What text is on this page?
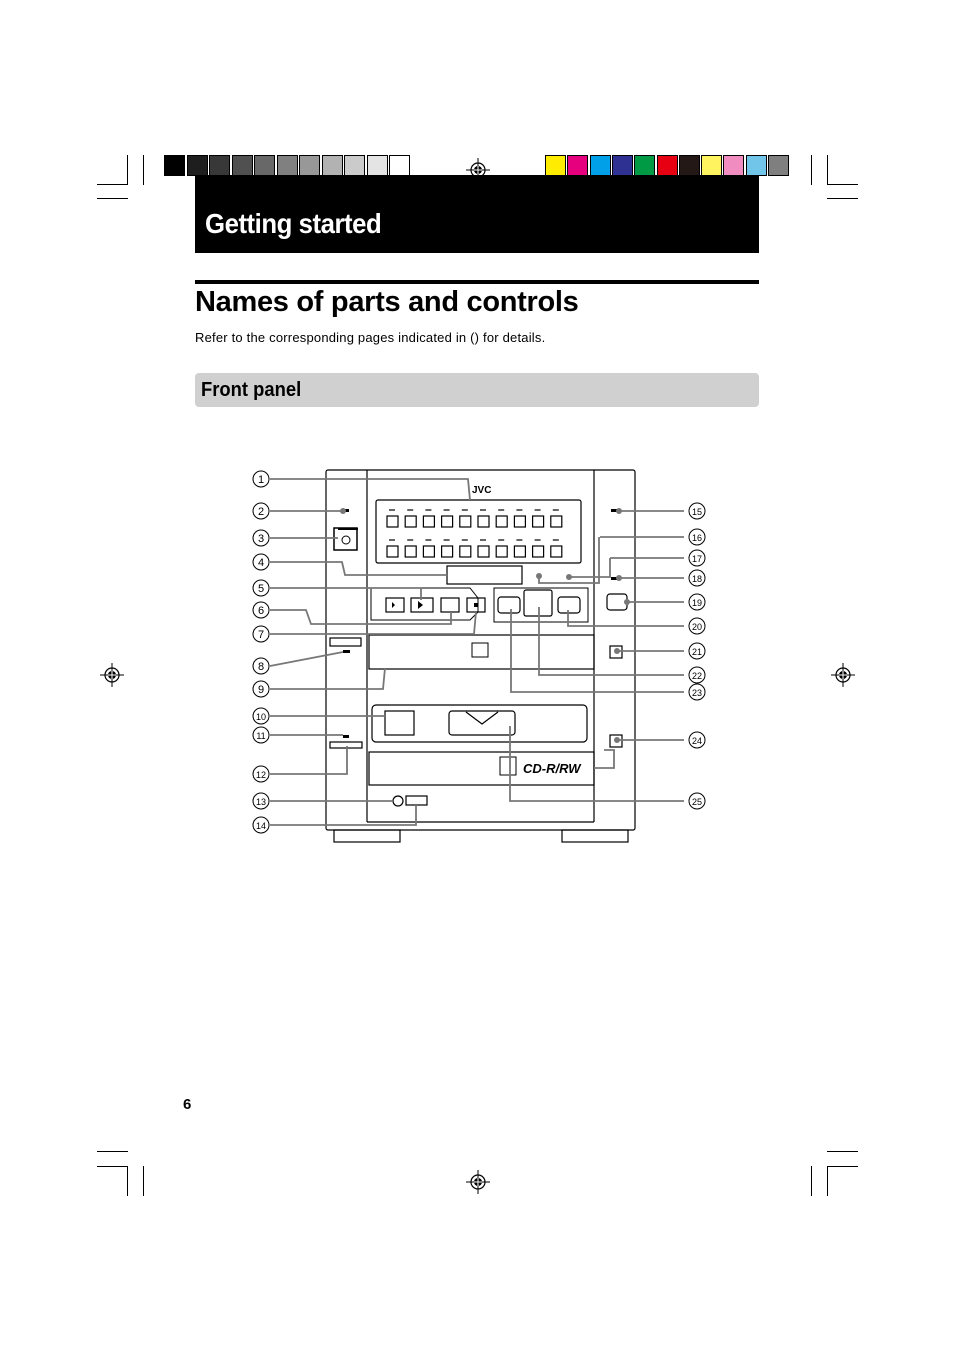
Getting started
Names of parts and controls
Refer to the corresponding pages indicated in () for details.
Front panel
JVC
CD-R/RW
1
2
3
4
5
6
7
8
9
10
11
12
13
14
15
16
17
18
19
20
21
22
23
24
25
6
